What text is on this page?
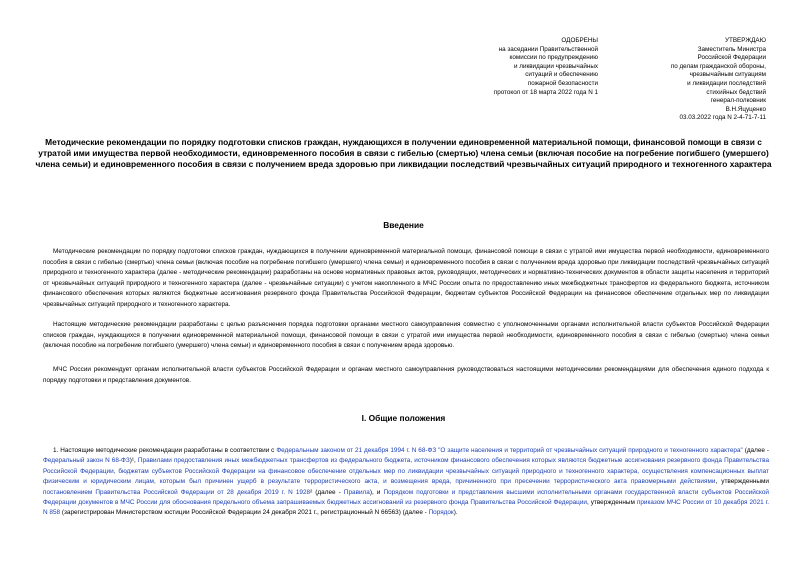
ОДОБРЕНЫ
на заседании Правительственной
комиссии по предупреждению
и ликвидации чрезвычайных
ситуаций и обеспечению
пожарной безопасности
протокол от 18 марта 2022 года N 1
УТВЕРЖДАЮ
Заместитель Министра
Российской Федерации
по делам гражданской обороны,
чрезвычайным ситуациям
и ликвидации последствий
стихийных бедствий
генерал-полковник
В.Н.Яцуценко
03.03.2022 года N 2-4-71-7-11
Методические рекомендации по порядку подготовки списков граждан, нуждающихся в получении единовременной материальной помощи, финансовой помощи в связи с утратой ими имущества первой необходимости, единовременного пособия в связи с гибелью (смертью) члена семьи (включая пособие на погребение погибшего (умершего) члена семьи) и единовременного пособия в связи с получением вреда здоровью при ликвидации последствий чрезвычайных ситуаций природного и техногенного характера
Введение
Методические рекомендации по порядку подготовки списков граждан, нуждающихся в получении единовременной материальной помощи, финансовой помощи в связи с утратой ими имущества первой необходимости, единовременного пособия в связи с гибелью (смертью) члена семьи (включая пособие на погребение погибшего (умершего) члена семьи) и единовременного пособия в связи с получением вреда здоровью при ликвидации последствий чрезвычайных ситуаций природного и техногенного характера (далее - методические рекомендации) разработаны на основе нормативных правовых актов, руководящих, методических и нормативно-технических документов в области защиты населения и территорий от чрезвычайных ситуаций природного и техногенного характера (далее - чрезвычайные ситуации) с учетом накопленного в МЧС России опыта по предоставлению иных межбюджетных трансфертов из федерального бюджета, источником финансового обеспечения которых являются бюджетные ассигнования резервного фонда Правительства Российской Федерации, бюджетам субъектов Российской Федерации на финансовое обеспечение отдельных мер по ликвидации чрезвычайных ситуаций природного и техногенного характера.
Настоящие методические рекомендации разработаны с целью разъяснения порядка подготовки органами местного самоуправления совместно с уполномоченными органами исполнительной власти субъектов Российской Федерации списков граждан, нуждающихся в получении единовременной материальной помощи, финансовой помощи в связи с утратой ими имущества первой необходимости, единовременного пособия в связи с гибелью (смертью) члена семьи (включая пособие на погребение погибшего (умершего) члена семьи) и единовременного пособия в связи с получением вреда здоровью.
МЧС России рекомендует органам исполнительной власти субъектов Российской Федерации и органам местного самоуправления руководствоваться настоящими методическими рекомендациями для обеспечения единого подхода к порядку подготовки и представления документов.
I. Общие положения
1. Настоящие методические рекомендации разработаны в соответствии с Федеральным законом от 21 декабря 1994 г. N 68-ФЗ "О защите населения и территорий от чрезвычайных ситуаций природного и техногенного характера" (далее - Федеральный закон N 68-ФЗ)¹, Правилами предоставления иных межбюджетных трансфертов из федерального бюджета, источником финансового обеспечения которых являются бюджетные ассигнования резервного фонда Правительства Российской Федерации, бюджетам субъектов Российской Федерации на финансовое обеспечение отдельных мер по ликвидации чрезвычайных ситуаций природного и техногенного характера, осуществления компенсационных выплат физическим и юридическим лицам, которым был причинен ущерб в результате террористического акта, и возмещения вреда, причиненного при пресечении террористического акта правомерными действиями, утвержденными постановлением Правительства Российской Федерации от 28 декабря 2019 г. N 1928² (далее - Правила), и Порядком подготовки и представления высшими исполнительными органами государственной власти субъектов Российской Федерации документов в МЧС России для обоснования предельного объема запрашиваемых бюджетных ассигнований из резервного фонда Правительства Российской Федерации, утвержденным приказом МЧС России от 10 декабря 2021 г. N 858 (зарегистрирован Министерством юстиции Российской Федерации 24 декабря 2021 г., регистрационный N 66563) (далее - Порядок).
